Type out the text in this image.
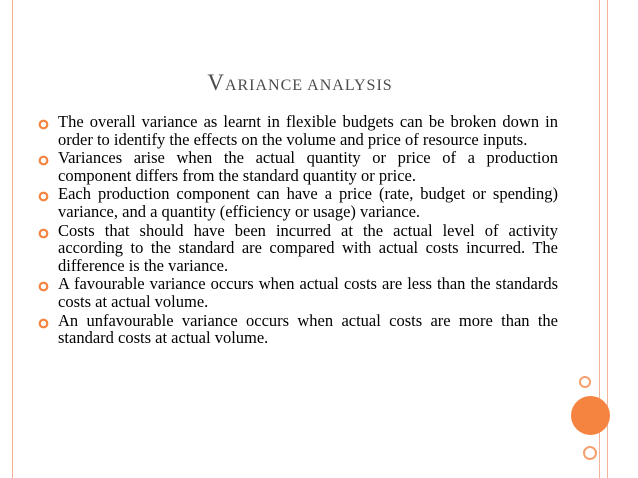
VARIANCE ANALYSIS
The overall variance as learnt in flexible budgets can be broken down in order to identify the effects on the volume and price of resource inputs.
Variances arise when the actual quantity or price of a production component differs from the standard quantity or price.
Each production component can have a price (rate, budget or spending) variance, and a quantity (efficiency or usage) variance.
Costs that should have been incurred at the actual level of activity according to the standard are compared with actual costs incurred. The difference is the variance.
A favourable variance occurs when actual costs are less than the standards costs at actual volume.
An unfavourable variance occurs when actual costs are more than the standard costs at actual volume.
